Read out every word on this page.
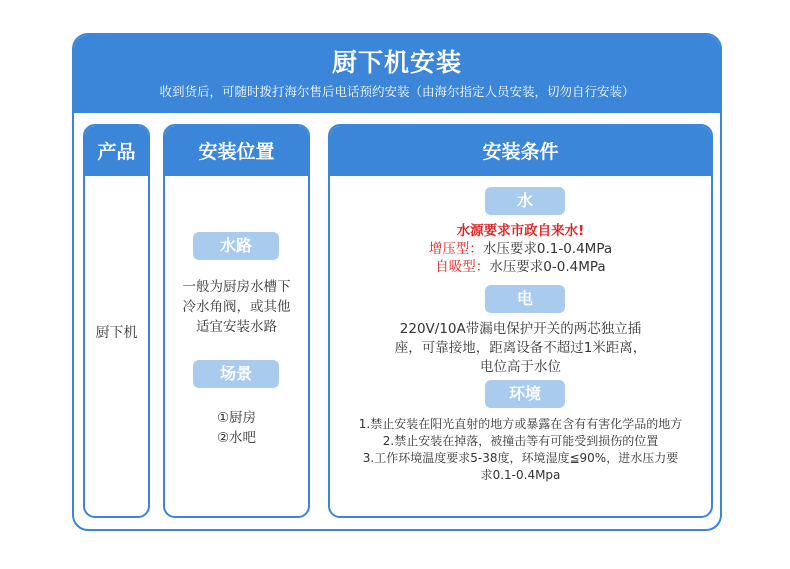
厨下机安装
收到货后，可随时拨打海尔售后电话预约安装（由海尔指定人员安装，切勿自行安装）
产品
厨下机
安装位置
水路
一般为厨房水槽下
冷水角阀，或其他
适宜安装水路
场景
①厨房
②水吧
安装条件
水
水源要求市政自来水!
增压型：水压要求0.1-0.4MPa
自吸型：水压要求0-0.4MPa
电
220V/10A带漏电保护开关的两芯独立插
座，可靠接地，距离设备不超过1米距离，
电位高于水位
环境
1.禁止安装在阳光直射的地方或暴露在含有有害化学品的地方
2.禁止安装在掉落，被撞击等有可能受到损伤的位置
3.工作环境温度要求5-38度，环境湿度≦90%，进水压力要
求0.1-0.4Mpa
